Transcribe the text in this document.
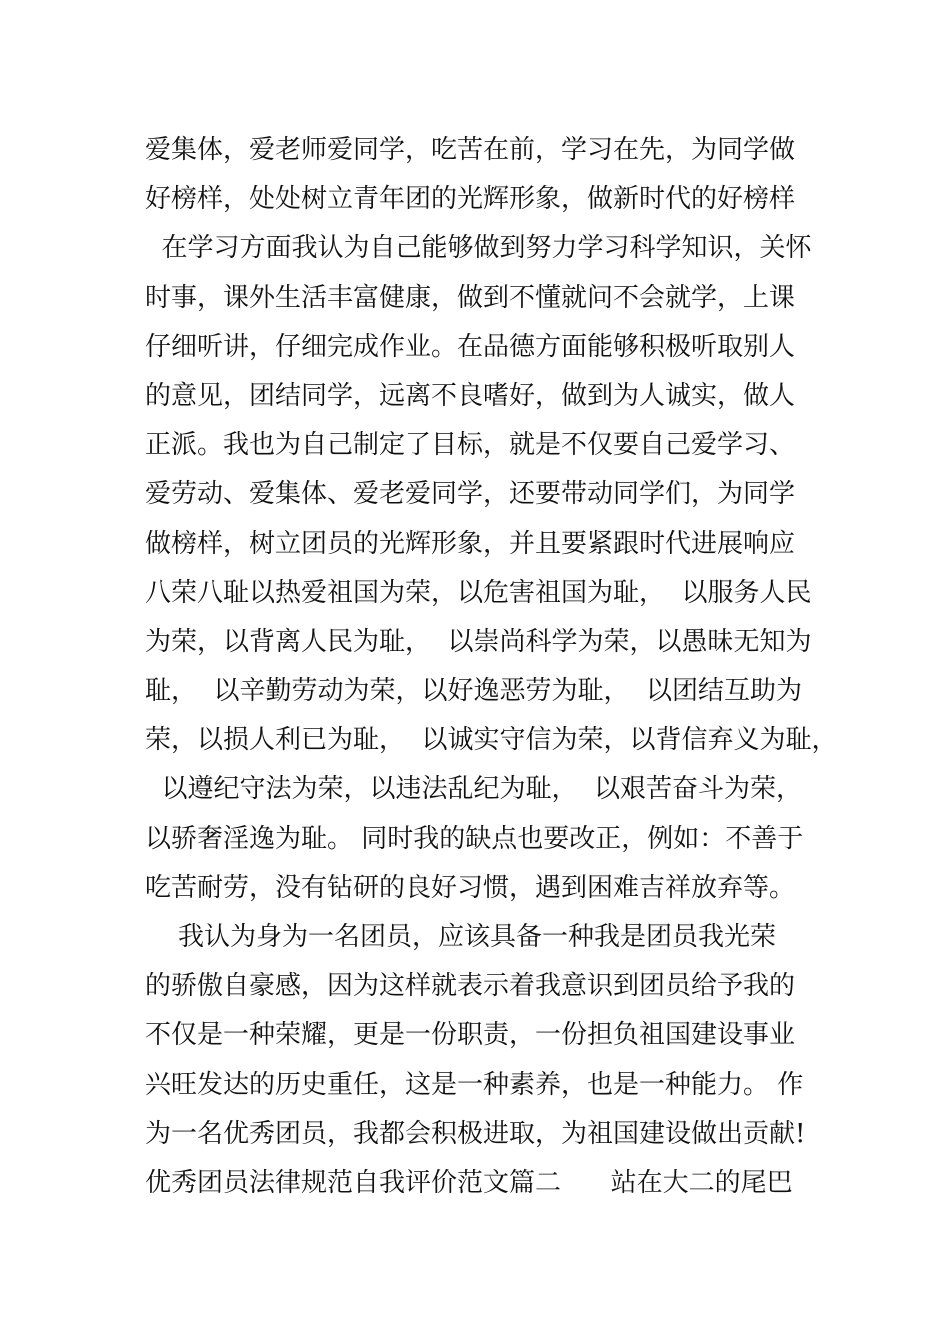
爱集体，爱老师爱同学，吃苦在前，学习在先，为同学做
好榜样，处处树立青年团的光辉形象，做新时代的好榜样
在学习方面我认为自己能够做到努力学习科学知识，关怀
时事，课外生活丰富健康，做到不懂就问不会就学，上课
仔细听讲，仔细完成作业。在品德方面能够积极听取别人
的意见，团结同学，远离不良嗜好，做到为人诚实，做人
正派。我也为自己制定了目标，就是不仅要自己爱学习、
爱劳动、爱集体、爱老爱同学，还要带动同学们，为同学
做榜样，树立团员的光辉形象，并且要紧跟时代进展响应
八荣八耻以热爱祖国为荣，以危害祖国为耻，  以服务人民
为荣，以背离人民为耻，  以崇尚科学为荣，以愚昧无知为
耻，  以辛勤劳动为荣，以好逸恶劳为耻，  以团结互助为
荣，以损人利已为耻，  以诚实守信为荣，以背信弃义为耻，
以遵纪守法为荣，以违法乱纪为耻，  以艰苦奋斗为荣，
以骄奢淫逸为耻。 同时我的缺点也要改正，例如：不善于
吃苦耐劳，没有钻研的良好习惯，遇到困难吉祥放弃等。
我认为身为一名团员，应该具备一种我是团员我光荣
的骄傲自豪感，因为这样就表示着我意识到团员给予我的
不仅是一种荣耀，更是一份职责，一份担负祖国建设事业
兴旺发达的历史重任，这是一种素养，也是一种能力。 作
为一名优秀团员，我都会积极进取，为祖国建设做出贡献!
优秀团员法律规范自我评价范文篇二      站在大二的尾巴
